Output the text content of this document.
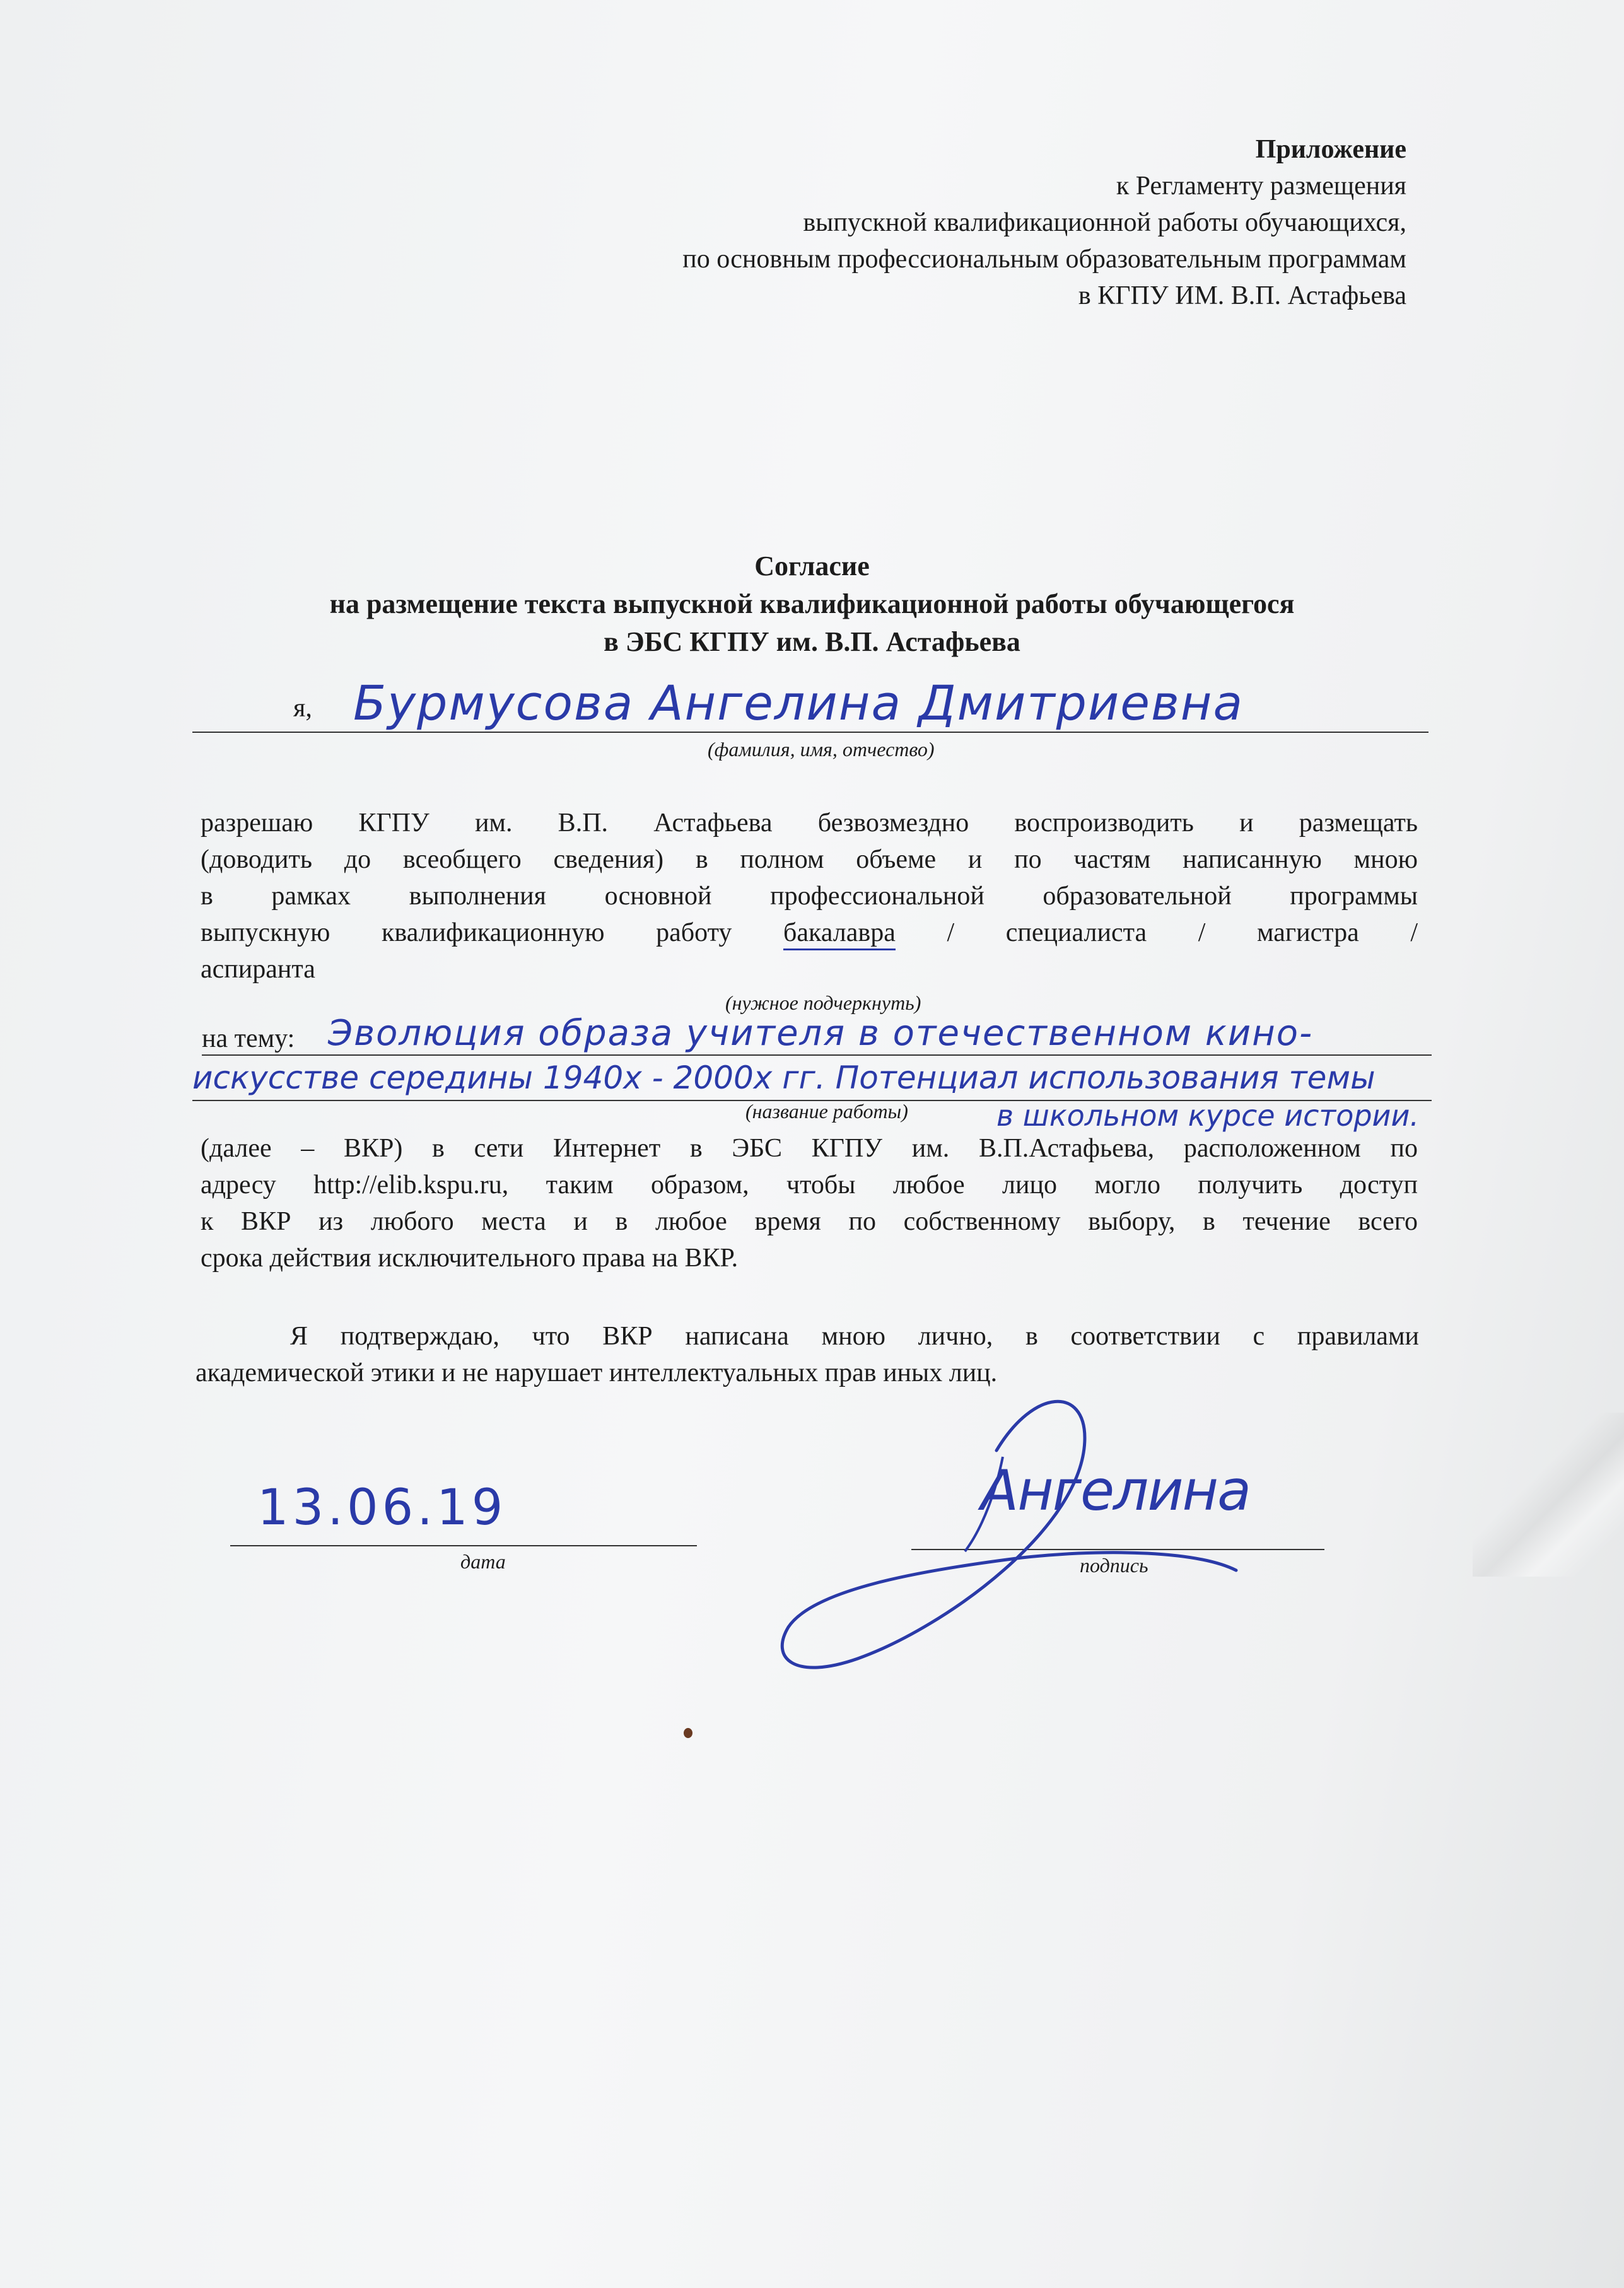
Приложение
к Регламенту размещения
выпускной квалификационной работы обучающихся,
по основным профессиональным образовательным программам
в КГПУ ИМ. В.П. Астафьева
Согласие
на размещение текста выпускной квалификационной работы обучающегося
в ЭБС КГПУ им. В.П. Астафьева
я, Бурмусова Ангелина Дмитриевна
(фамилия, имя, отчество)
разрешаю КГПУ им. В.П. Астафьева безвозмездно воспроизводить и размещать
(доводить до всеобщего сведения) в полном объеме и по частям написанную мною
в рамках выполнения основной профессиональной образовательной программы
выпускную квалификационную работу бакалавра / специалиста / магистра /
аспиранта
(нужное подчеркнуть)
на тему: Эволюция образа учителя в отечественном кино-
искусстве середины 1940х - 2000х гг. Потенциал использования темы
в школьном курсе истории.
(название работы)
(далее – ВКР) в сети Интернет в ЭБС КГПУ им. В.П.Астафьева, расположенном по
адресу http://elib.kspu.ru, таким образом, чтобы любое лицо могло получить доступ
к ВКР из любого места и в любое время по собственному выбору, в течение всего
срока действия исключительного права на ВКР.
Я подтверждаю, что ВКР написана мною лично, в соответствии с правилами
академической этики и не нарушает интеллектуальных прав иных лиц.
13.06.19
дата
Ангелина
подпись
